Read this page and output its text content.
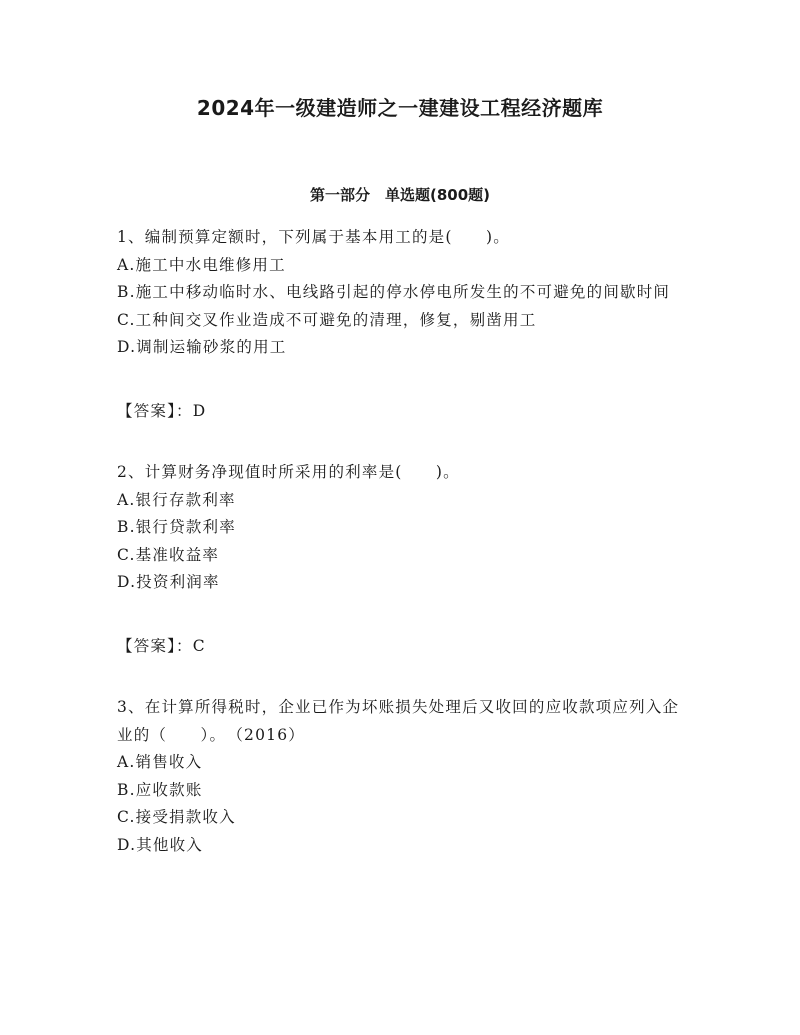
2024年一级建造师之一建建设工程经济题库
第一部分　单选题(800题)

1、编制预算定额时，下列属于基本用工的是(　　)。

A.施工中水电维修用工

B.施工中移动临时水、电线路引起的停水停电所发生的不可避免的间歇时间

C.工种间交叉作业造成不可避免的清理，修复，剔凿用工

D.调制运输砂浆的用工

【答案】：D

2、计算财务净现值时所采用的利率是(　　)。

A.银行存款利率

B.银行贷款利率

C.基准收益率

D.投资利润率

【答案】：C

3、在计算所得税时，企业已作为坏账损失处理后又收回的应收款项应列入企业的（　　）。　（2016）

A.销售收入

B.应收款账

C.接受捐款收入

D.其他收入
